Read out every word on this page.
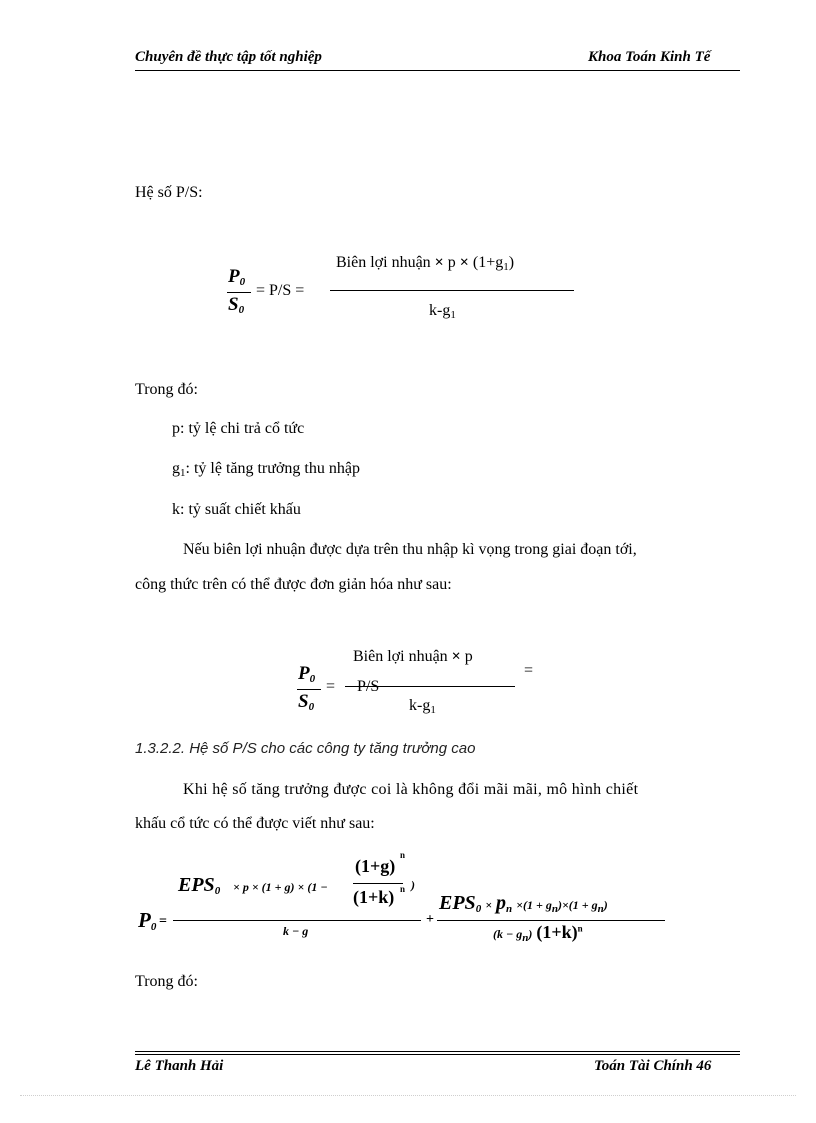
Chuyên đề thực tập tốt nghiệp	Khoa Toán Kinh Tế
Hệ số P/S:
$P_0$
$S_0$
= P/S =
Biên lợi nhuận × $p \times (1+g_1)$
$k-g_1$
Trong đó:
p: tỷ lệ chi trả cổ tức
$g_1$: tỷ lệ tăng trưởng thu nhập
k: tỷ suất chiết khấu
Nếu biên lợi nhuận được dựa trên thu nhập kì vọng trong giai đoạn tới,
công thức trên có thể được đơn giản hóa như sau:
$P_0$
$S_0$
=
Biên lợi nhuận × p
P/S
$k-g_1$
=
1.3.2.2. Hệ số P/S cho các công ty tăng trưởng cao
Khi hệ số tăng trưởng được coi là không đổi mãi mãi, mô hình chiết
khấu cổ tức có thể được viết như sau:
$P_0$ =
$EPS_0 \times p \times (1 + g) \times (1$ −
(1+g)
n
(1+k) n )
k − g
+
$EPS_0 \times p_n \times(1 + g_n)\times(1 + g_n)$
$(k - g_n)$ $(1+k)^n$
Trong đó:
Lê Thanh Hải	Toán Tài Chính 46
